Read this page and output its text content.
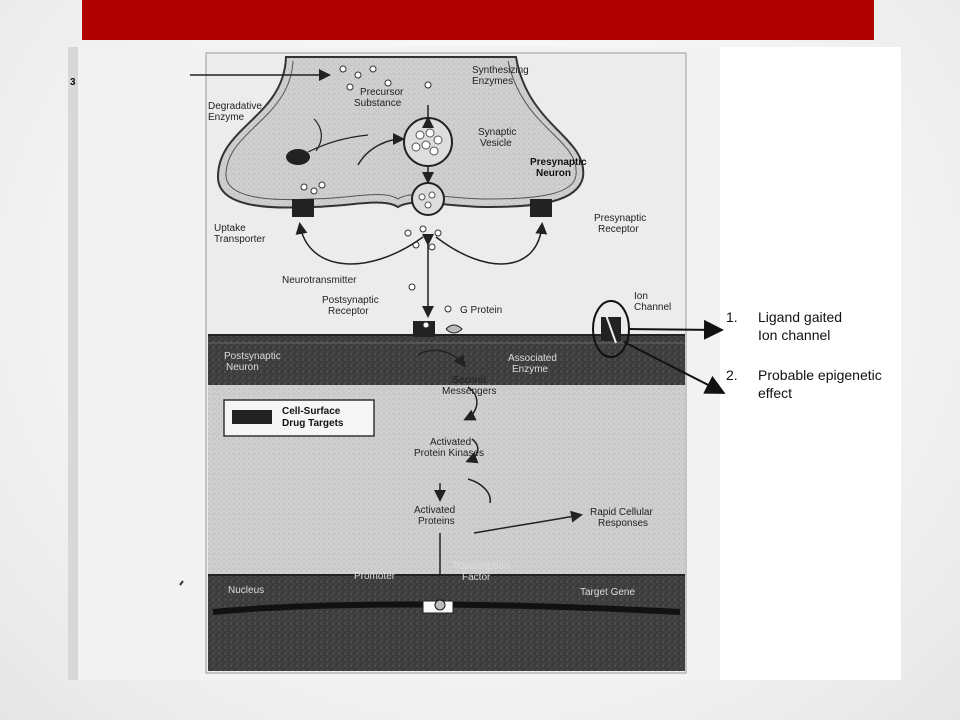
3
Synthesizing Enzymes
Precursor Substance
Degradative Enzyme
Synaptic Vesicle
Presynaptic Neuron
Uptake Transporter
Presynaptic Receptor
Neurotransmitter
Postsynaptic Receptor	G Protein
Ion Channel
Postsynaptic Neuron
Associated Enzyme
Second Messengers
Cell-Surface Drug Targets
Activated Protein Kinases
Activated Proteins
Rapid Cellular Responses
Nucleus
Promoter
Transcription Factor
Target Gene
1. Ligand gaited
Ion channel
2. Probable epigenetic
effect
